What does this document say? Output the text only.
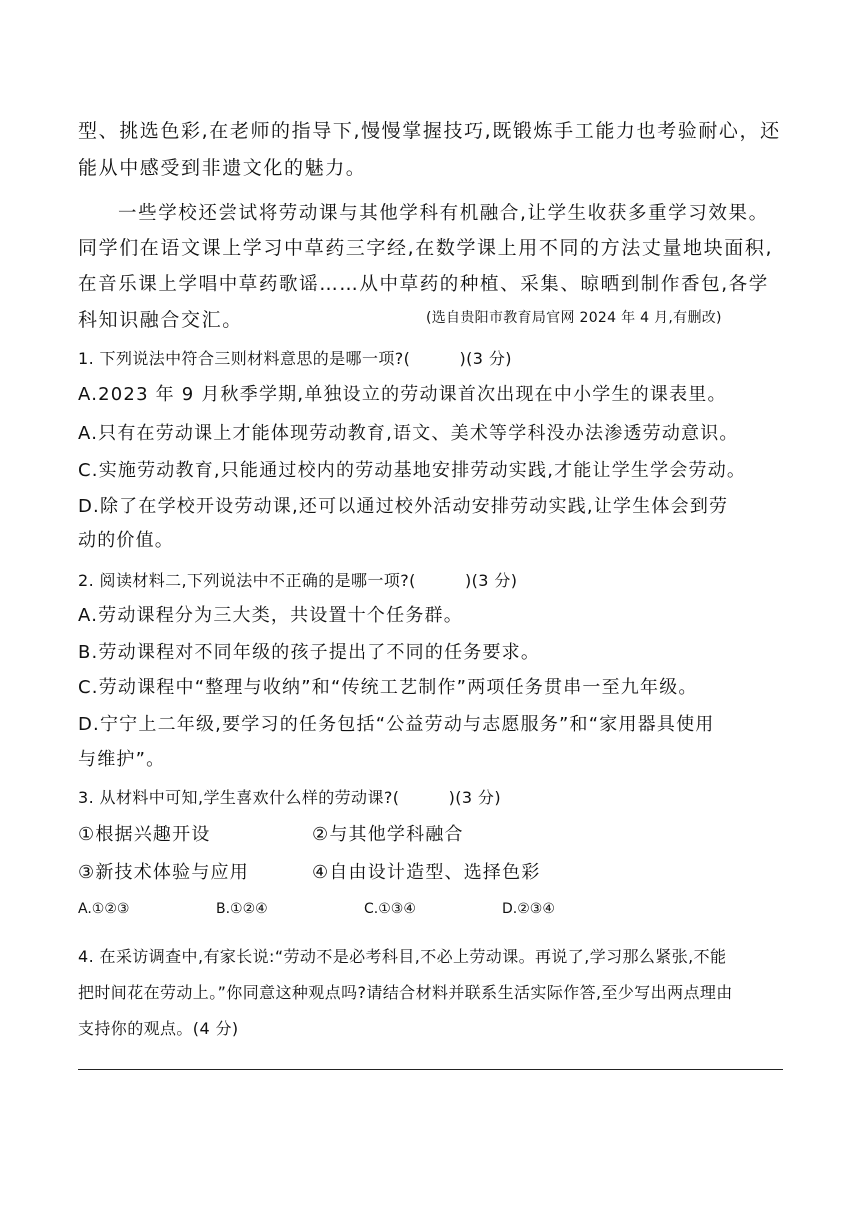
型、挑选色彩,在老师的指导下,慢慢掌握技巧,既锻炼手工能力也考验耐心，还
能从中感受到非遗文化的魅力。
一些学校还尝试将劳动课与其他学科有机融合,让学生收获多重学习效果。
同学们在语文课上学习中草药三字经,在数学课上用不同的方法丈量地块面积,
在音乐课上学唱中草药歌谣……从中草药的种植、采集、晾晒到制作香包,各学
科知识融合交汇。	(选自贵阳市教育局官网 2024 年 4 月,有删改)
1. 下列说法中符合三则材料意思的是哪一项?(　　　)(3 分)
A.2023 年 9 月秋季学期,单独设立的劳动课首次出现在中小学生的课表里。
A.只有在劳动课上才能体现劳动教育,语文、美术等学科没办法渗透劳动意识。
C.实施劳动教育,只能通过校内的劳动基地安排劳动实践,才能让学生学会劳动。
D.除了在学校开设劳动课,还可以通过校外活动安排劳动实践,让学生体会到劳
动的价值。
2. 阅读材料二,下列说法中不正确的是哪一项?(　　　)(3 分)
A.劳动课程分为三大类，共设置十个任务群。
B.劳动课程对不同年级的孩子提出了不同的任务要求。
C.劳动课程中“整理与收纳”和“传统工艺制作”两项任务贯串一至九年级。
D.宁宁上二年级,要学习的任务包括“公益劳动与志愿服务”和“家用器具使用
与维护”。
3. 从材料中可知,学生喜欢什么样的劳动课?(　　　)(3 分)
①根据兴趣开设	②与其他学科融合
③新技术体验与应用	④自由设计造型、选择色彩
A.①②③	B.①②④	C.①③④	D.②③④
4. 在采访调查中,有家长说:“劳动不是必考科目,不必上劳动课。再说了,学习那么紧张,不能
把时间花在劳动上。”你同意这种观点吗?请结合材料并联系生活实际作答,至少写出两点理由
支持你的观点。(4 分)
